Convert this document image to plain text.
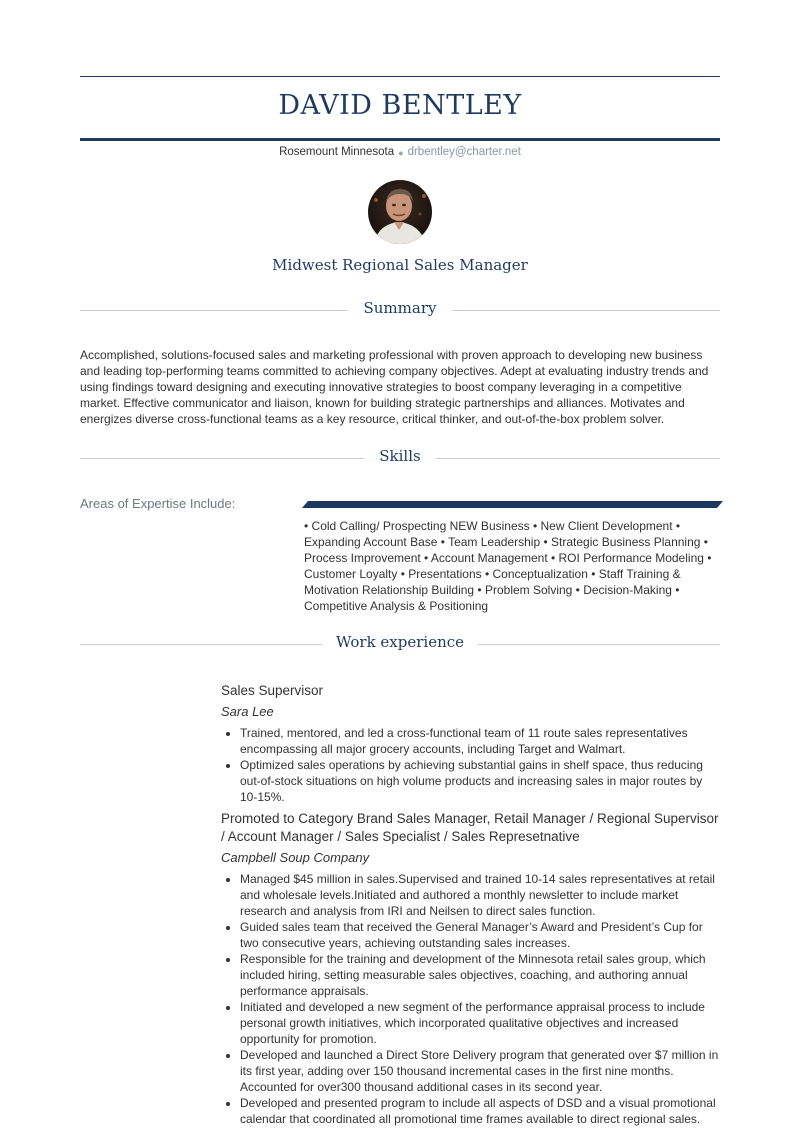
DAVID BENTLEY
Rosemount Minnesota ● drbentley@charter.net
Midwest Regional Sales Manager
Summary

Accomplished, solutions-focused sales and marketing professional with proven approach to developing new business and leading top-performing teams committed to achieving company objectives. Adept at evaluating industry trends and using findings toward designing and executing innovative strategies to boost company leveraging in a competitive market. Effective communicator and liaison, known for building strategic partnerships and alliances. Motivates and energizes diverse cross-functional teams as a key resource, critical thinker, and out-of-the-box problem solver.

Skills
Areas of Expertise Include:

• Cold Calling/ Prospecting NEW Business • New Client Development • Expanding Account Base • Team Leadership • Strategic Business Planning • Process Improvement • Account Management • ROI Performance Modeling • Customer Loyalty • Presentations • Conceptualization • Staff Training & Motivation Relationship Building • Problem Solving • Decision-Making • Competitive Analysis & Positioning

Work experience

Sales Supervisor

Sara Lee

• Trained, mentored, and led a cross-functional team of 11 route sales representatives encompassing all major grocery accounts, including Target and Walmart.
• Optimized sales operations by achieving substantial gains in shelf space, thus reducing out-of-stock situations on high volume products and increasing sales in major routes by 10-15%.

Promoted to Category Brand Sales Manager, Retail Manager / Regional Supervisor / Account Manager / Sales Specialist / Sales Represetnative

Campbell Soup Company

• Managed $45 million in sales.Supervised and trained 10-14 sales representatives at retail and wholesale levels.Initiated and authored a monthly newsletter to include market research and analysis from IRI and Neilsen to direct sales function.
• Guided sales team that received the General Manager’s Award and President’s Cup for two consecutive years, achieving outstanding sales increases.
• Responsible for the training and development of the Minnesota retail sales group, which included hiring, setting measurable sales objectives, coaching, and authoring annual performance appraisals.
• Initiated and developed a new segment of the performance appraisal process to include personal growth initiatives, which incorporated qualitative objectives and increased opportunity for promotion.
• Developed and launched a Direct Store Delivery program that generated over $7 million in its first year, adding over 150 thousand incremental cases in the first nine months. Accounted for over300 thousand additional cases in its second year.
• Developed and presented program to include all aspects of DSD and a visual promotional calendar that coordinated all promotional time frames available to direct regional sales.
